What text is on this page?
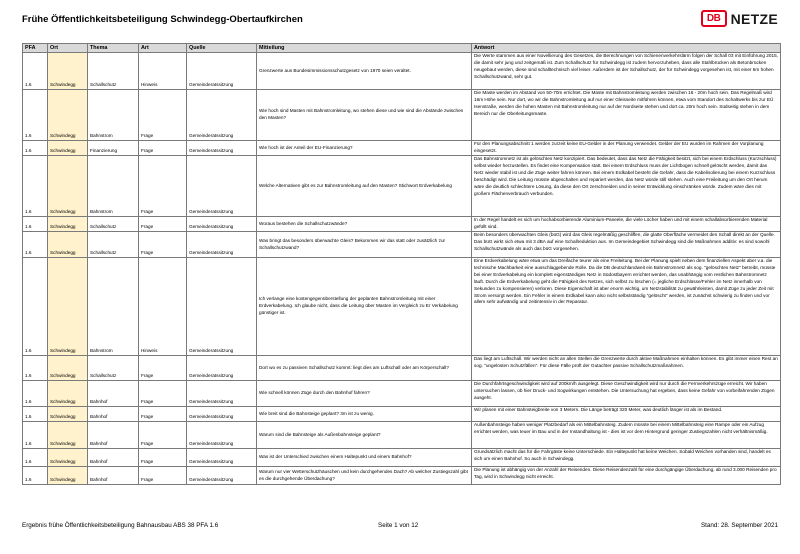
Frühe Öffentlichkeitsbeteiligung Schwindegg-Obertaufkirchen	DB NETZE
PFA	Ort	Thema	Art	Quelle	Mitteilung	Antwort
1.6	Schwindegg	Schallschutz	Hinweis	Gemeinderatssitzung	Grenzwerte aus Bundesimmissionsschutzgesetz von 1970 seien veraltet.	Die Werte stammen aus einer Novellierung des Gesetzes, die Berechnungen von Schienenverkehrslärm folgen der Schall 03 mit Einführung 2015, die damit sehr jung und zeitgemäß ist. Zum Schallschutz für Schwindegg ist zudem hervorzuheben, dass alle Stahlbrücken als Betonbrücken neugebaut werden, diese sind schalltechnisch viel leiser. Außerdem ist der Schallschutz, der für Schwindegg vorgesehen ist, mit einer 6m hohen Schallschutzwand, sehr gut.
1.6	Schwindegg	Bahnstrom	Frage	Gemeinderatssitzung	Wie hoch sind Masten mit Bahnstromleitung, wo stehen diese und wie sind die Abstände zwischen den Masten?	Die Maste werden im Abstand von 50-70m errichtet. Die Maste mit Bahnstromleitung werden zwischen 16 - 20m hoch sein. Das Regelmaß wird 16m Höhe sein. Nur dort, wo wir die Bahnstromleitung auf nur einer Gleisseite mitführen können, etwa vom Standort des Schaltwerks bis zur EÜ Isenstraße, werden die hohen Masten mit Bahnstromleitung nur auf der Nordseite stehen und dort ca. 20m hoch sein. Südseitig stehen in dem Bereich nur die Oberleitungsmaste.
1.6	Schwindegg	Finanzierung	Frage	Gemeinderatssitzung	Wie hoch ist der Anteil der EU-Finanzierung?	Für den Planungsabschnitt 1 werden zurzeit keine EU-Gelder in der Planung verwendet. Gelder der EU wurden im Rahmen der Vorplanung eingesetzt.
1.6	Schwindegg	Bahnstrom	Frage	Gemeinderatssitzung	Welche Alternativen gibt es zur Bahnstromleitung auf den Masten? Stichwort Erdverkabelung	Das Bahnstromnetz ist als gelöschtes Netz konzipiert. Das bedeutet, dass das Netz die Fähigkeit besitzt, sich bei einem Erdschluss (Kurzschluss) selbst wieder herzustellen. Es findet eine Kompensation statt. Bei einem Erdschluss muss der Lichtbogen schnell gelöscht werden, damit das Netz wieder stabil ist und die Züge weiter fahren können. Bei einem Erdkabel besteht die Gefahr, dass die Kabelisolierung bei einem Kurzschluss beschädigt wird. Die Leitung müsste abgeschalten und repariert werden, das Netz würde still stehen. Auch eine Freileitung um den Ort herum wäre die deutlich schlechtere Lösung, da diese den Ort zerschneiden und in seiner Entwicklung einschränken würde. Zudem wäre dies mit großem Flächenverbrauch verbunden.
1.6	Schwindegg	Schallschutz	Frage	Gemeinderatssitzung	Woraus bestehen die Schallschutzwände?	In der Regel handelt es sich um hochabsorbierende Aluminium-Paneele, die viele Löcher haben und mit einem schallabsorbierenden Material gefüllt sind.
1.6	Schwindegg	Schallschutz	Frage	Gemeinderatssitzung	Was bringt das besonders überwachte Gleis? Bekommen wir das statt oder zusätzlich zur Schallschutzwand?	Beim besonders überwachten Gleis (büG) wird das Gleis regelmäßig geschliffen, die glatte Oberfläche vermeidet den Schall direkt an der Quelle. Das büG wirkt sich etwa mit 3 dBA auf eine Schallreduktion aus. Im Gemeindegebiet Schwindegg sind die Maßnahmen additiv: es sind sowohl Schallschutzwände als auch das büG vorgesehen.
1.6	Schwindegg	Bahnstrom	Hinweis	Gemeinderatssitzung	Ich verlange eine kostengegenüberstellung der geplanten Bahnstromleitung mit einer Erdverkabelung. Ich glaube nicht, dass die Leitung über Masten im Vergleich zu Er Verkabelung günstiger ist.	Eine Erdverkabelung wäre etwa um das Dreifache teurer als eine Freileitung. Bei der Planung spielt neben dem finanziellen Aspekt aber v.a. die technische Machbarkeit eine ausschlaggebende Rolle. Da die DB deutschlandweit ein Bahnstromnetz als sog. "gelöschtes Netz" betreibt, müsste bei einer Erdverkabelung ein komplett eigenständiges Netz in Südostbayern errichtet werden, das unabhängig vom restlichen Bahnstromnetz läuft. Durch die Erdverkabelung geht die Fähigkeit des Netzes, sich selbst zu löschen (= jegliche Erdschlüsse/Fehler im Netz innerhalb von Sekunden zu kompensieren) verloren. Diese Eigenschaft ist aber enorm wichtig, um Netzstabilität zu gewährleisten, damit Züge zu jeder Zeit mit Strom versorgt werden. Ein Fehler in einem Erdkabel kann also nicht selbstständig "gelöscht" werden, ist zunächst schwierig zu finden und vor allem sehr aufwändig und zeitintensiv in der Reparatur.
1.6	Schwindegg	Schallschutz	Frage	Gemeinderatssitzung	Dort wo es zu passiven Schallschutz kommt: liegt dies am Luftschall oder am Körperschall?	Das liegt am Luftschall. Wir werden nicht an allen Stellen die Grenzwerte durch aktive Maßnahmen einhalten können. Es gibt immer einen Rest an sog. "ungelösten Schutzfällen". Für diese Fälle prüft der Gutachter passive Schallschutzmaßnahmen.
1.6	Schwindegg	Bahnhof	Frage	Gemeinderatssitzung	Wie schnell können Züge durch den Bahnhof fahren?	Die Durchfahrtsgeschwindigkeit wird auf 200km/h ausgelegt. Diese Geschwindigkeit wird nur durch die Fernverkehrszüge erreicht. Wir haben untersuchen lassen, ob hier Druck- und Sogwirkungen entstehen. Die Untersuchung hat ergeben, dass keine Gefahr von vorbeifahrenden Zügen ausgeht.
1.6	Schwindegg	Bahnhof	Frage	Gemeinderatssitzung	Wie breit sind die Bahnsteige geplant? 3m ist zu wenig.	Wir planen mit einer Bahnsteigbreite von 3 Metern. Die Länge beträgt 320 Meter, was deutlich länger ist als im Bestand.
1.6	Schwindegg	Bahnhof	Frage	Gemeinderatssitzung	Warum sind die Bahnsteige als Außenbahnsteige geplant?	Außenbahnsteige haben weniger Platzbedarf als ein Mittelbahnsteig. Zudem müsste bei einem Mittelbahnsteig eine Rampe oder ein Aufzug errichtet werden, was teuer im Bau und in der Instandhaltung ist - dies ist vor dem Hintergrund geringer Zustiegszahlen nicht verhältnismäßig.
1.6	Schwindegg	Bahnhof	Frage	Gemeinderatssitzung	Was ist der Unterschied zwischen einem Haltepunkt und einem Bahnhof?	Grundsätzlich macht das für die Fahrgäste keine Unterschiede. Ein Haltepunkt hat keine Weichen. Sobald Weichen vorhanden sind, handelt es sich um einen Bahnhof. So auch in Schwindegg.
1.6	Schwindegg	Bahnhof	Frage	Gemeinderatssitzung	Warum nur vier Wetterschutzhäuschen und kein durchgehendes Dach? Ab welcher Zustiegszahl gibt es die durchgehende Überdachung?	Die Planung ist abhängig von der Anzahl der Reisenden. Diese Reisendenzahl für eine durchgängige Überdachung, ab rund 3.000 Reisenden pro Tag, wird in Schwindegg nicht erreicht.
Ergebnis frühe Öffentlichkeitsbeteiligung Bahnausbau ABS 38 PFA 1.6	Seite 1 von 12	Stand: 28. September 2021
